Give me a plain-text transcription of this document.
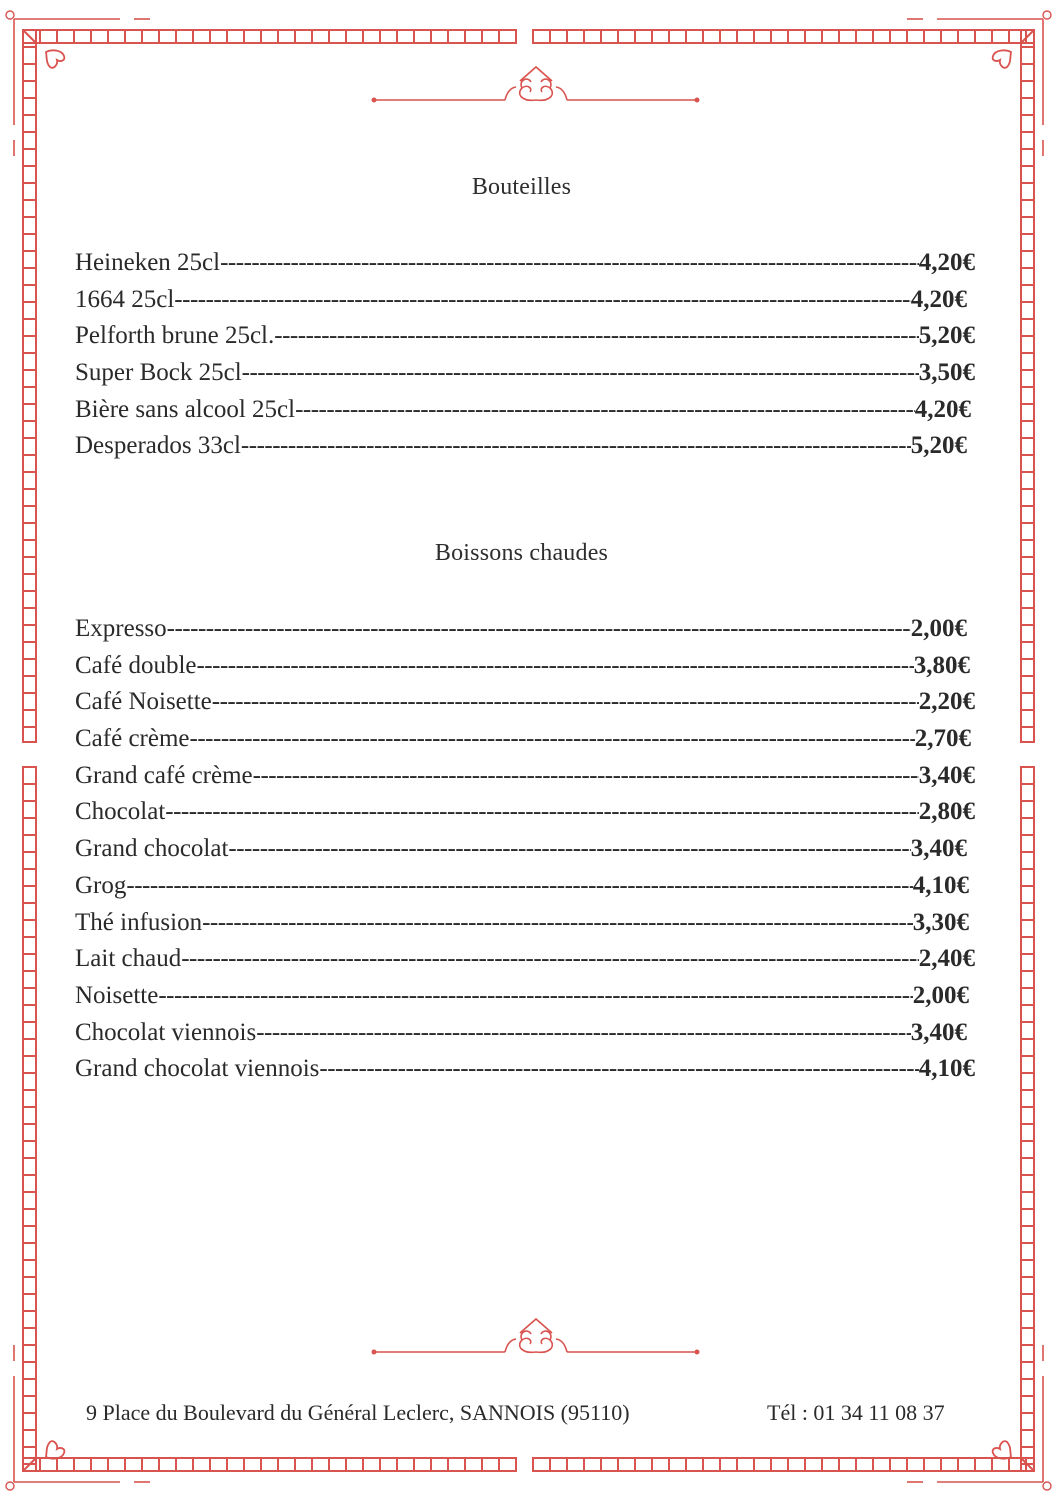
Bouteilles
Heineken 25cl -----	4,20€
1664 25cl -----	4,20€
Pelforth brune 25cl. -----	5,20€
Super Bock 25cl -----	3,50€
Bière sans alcool 25cl -----	4,20€
Desperados 33cl -----	5,20€
Boissons chaudes
Expresso -----	2,00€
Café double -----	3,80€
Café Noisette -----	2,20€
Café crème -----	2,70€
Grand café crème -----	3,40€
Chocolat -----	2,80€
Grand chocolat -----	3,40€
Grog -----	4,10€
Thé infusion -----	3,30€
Lait chaud -----	2,40€
Noisette -----	2,00€
Chocolat viennois -----	3,40€
Grand chocolat viennois -----	4,10€
9 Place du Boulevard du Général Leclerc, SANNOIS (95110)	Tél : 01 34 11 08 37
